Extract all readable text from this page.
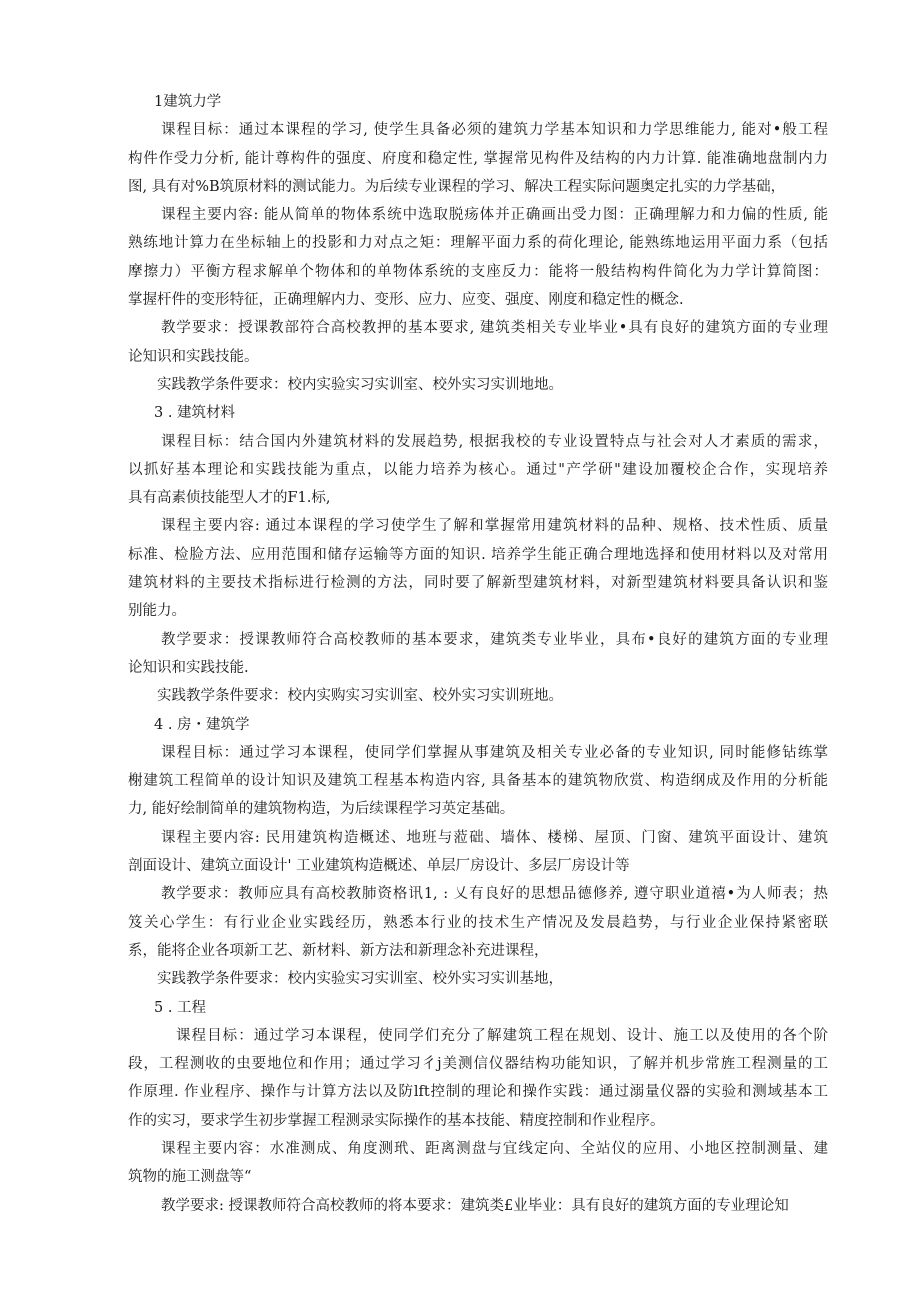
1建筑力学
课程目标：通过本课程的学习, 使学生具备必须的建筑力学基本知识和力学思维能力, 能对•般工程
构件作受力分析, 能计尊构件的强度、府度和稳定性, 掌握常见构件及结构的内力计算. 能准确地盘制内力
图, 具有对%B筑原材料的测试能力。为后续专业课程的学习、解决工程实际问题奥定扎实的力学基础，
课程主要内容: 能从简单的物体系统中选取脱疡体并正确画出受力图：正确理解力和力偏的性质, 能
熟练地计算力在坐标轴上的投影和力对点之矩：理解平面力系的荷化理论, 能熟练地运用平面力系（包括
摩擦力）平衡方程求解单个物体和的单物体系统的支座反力：能将一般结构构件简化为力学计算简图：
掌握杆件的变形特征，正确理解内力、变形、应力、应变、强度、刚度和稳定性的概念.
教学要求：授课教部符合高校教押的基本要求, 建筑类相关专业毕业•具有良好的建筑方面的专业理
论知识和实践技能。
实践教学条件要求：校内实验实习实训室、校外实习实训地地。
3 . 建筑材料
课程目标：结合国内外建筑材料的发展趋势, 根据我校的专业设置特点与社会对人才素质的需求，
以抓好基本理论和实践技能为重点，以能力培养为核心。通过"产学研"建设加覆校企合作，实现培养
具有高素侦技能型人才的F1.标,
课程主要内容: 通过本课程的学习使学生了解和掌握常用建筑材料的品种、规格、技术性质、质量
标准、检脸方法、应用范围和储存运输等方面的知识. 培养学生能正确合理地选择和使用材料以及对常用
建筑材料的主要技术指标进行检测的方法，同时要了解新型建筑材料，对新型建筑材料要具备认识和鉴
别能力。
教学要求：授课教师符合高校教师的基本要求，建筑类专业毕业，具布•良好的建筑方面的专业理
论知识和实践技能.
实践教学条件要求：校内实购实习实训室、校外实习实训班地。
4 . 房・建筑学
课程目标：通过学习本课程，使同学们掌握从事建筑及相关专业必备的专业知识, 同时能修钻练掌
榭建筑工程简单的设计知识及建筑工程基本构造内容, 具备基本的建筑物欣赏、构造纲成及作用的分析能
力, 能好绘制简单的建筑物构造，为后续课程学习英定基础。
课程主要内容: 民用建筑构造概述、地班与蒞础、墙体、楼梯、屋顶、门窗、建筑平面设计、建筑
剖面设计、建筑立面设计' 工业建筑构造概述、单层厂房设计、多层厂房设计等
教学要求：教师应具有高校教肺资格讯1, : 乂有良好的思想品德修养, 遵守职业道禧•为人师表；热
笈关心学生：有行业企业实践经历，熟悉本行业的技术生产情况及发晨趋势，与行业企业保持紧密联
系，能将企业各项新工艺、新材料、新方法和新理念补充进课程，
实践教学条件要求：校内实验实习实训室、校外实习实训基地，
5 . 工程
课程目标：通过学习本课程，使同学们充分了解建筑工程在规划、设计、施工以及使用的各个阶
段，工程测收的虫要地位和作用；通过学习彳j美测信仪器结构功能知识，了解并机步常旌工程测量的工
作原理. 作业程序、操作与计算方法以及防lft控制的理论和操作实践：通过溺量仪器的实验和测域基本工
作的实习，要求学生初步掌握工程测录实际操作的基本技能、精度控制和作业程序。
课程主要内容：水准测成、角度测玳、距离测盘与宜线定向、全站仪的应用、小地区控制测量、建
筑物的施工测盘等“
教学要求: 授课教师符合高校教师的将本要求：建筑类£业毕业：具有良好的建筑方面的专业理论知
